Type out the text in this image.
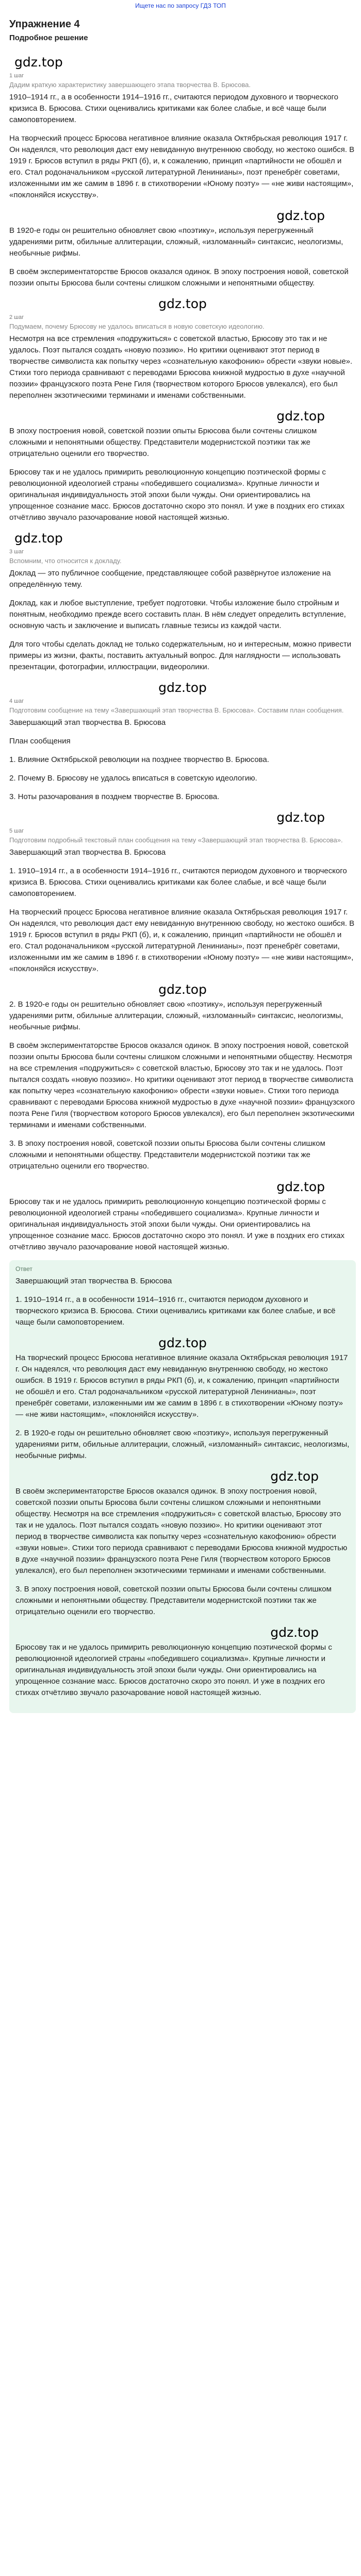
Ищете нас по запросу ГДЗ ТОП
Упражнение 4
Подробное решение
gdz.top
1 шаг
Дадим краткую характеристику завершающего этапа творчества В. Брюсова.

1910–1914 гг., а в особенности 1914–1916 гг., считаются периодом духовного и творческого кризиса В. Брюсова. Стихи оценивались критиками как более слабые, и всё чаще были самоповторением.

На творческий процесс Брюсова негативное влияние оказала Октябрьская революция 1917 г. Он надеялся, что революция даст ему невиданную внутреннюю свободу, но жестоко ошибся. В 1919 г. Брюсов вступил в ряды РКП (б), и, к сожалению, принцип «партийности не обошёл и его. Стал родоначальником «русской литературной Ленинианы», поэт пренебрёг советами, изложенными им же самим в 1896 г. в стихотворении «Юному поэту» — «не живи настоящим», «поклоняйся искусству».

gdz.top

В 1920-е годы он решительно обновляет свою «поэтику», используя перегруженный ударениями ритм, обильные аллитерации, сложный, «изломанный» синтаксис, неологизмы, необычные рифмы.

В своём экспериментаторстве Брюсов оказался одинок. В эпоху построения новой, советской поэзии опыты Брюсова были сочтены слишком сложными и непонятными обществу.

gdz.top
2 шаг
Подумаем, почему Брюсову не удалось вписаться в новую советскую идеологию.

Несмотря на все стремления «подружиться» с советской властью, Брюсову это так и не удалось. Поэт пытался создать «новую поэзию». Но критики оценивают этот период в творчестве символиста как попытку через «сознательную какофонию» обрести «звуки новые». Стихи того периода сравнивают с переводами Брюсова книжной мудростью в духе «научной поэзии» французского поэта Рене Гиля (творчеством которого Брюсов увлекался), его был переполнен экзотическими терминами и именами собственными.

gdz.top

В эпоху построения новой, советской поэзии опыты Брюсова были сочтены слишком сложными и непонятными обществу. Представители модернистской поэтики так же отрицательно оценили его творчество.

Брюсову так и не удалось примирить революционную концепцию поэтической формы с революционной идеологией страны «победившего социализма». Крупные личности и оригинальная индивидуальность этой эпохи были чужды. Они ориентировались на упрощенное сознание масс. Брюсов достаточно скоро это понял. И уже в поздних его стихах отчётливо звучало разочарование новой настоящей жизнью.

gdz.top
3 шаг
Вспомним, что относится к докладу.

Доклад — это публичное сообщение, представляющее собой развёрнутое изложение на определённую тему.

Доклад, как и любое выступление, требует подготовки. Чтобы изложение было стройным и понятным, необходимо прежде всего составить план. В нём следует определить вступление, основную часть и заключение и выписать главные тезисы из каждой части.

Для того чтобы сделать доклад не только содержательным, но и интересным, можно привести примеры из жизни, факты, поставить актуальный вопрос. Для наглядности — использовать презентации, фотографии, иллюстрации, видеоролики.

gdz.top
4 шаг
Подготовим сообщение на тему «Завершающий этап творчества В. Брюсова». Составим план сообщения.

Завершающий этап творчества В. Брюсова

План сообщения

1. Влияние Октябрьской революции на позднее творчество В. Брюсова.

2. Почему В. Брюсову не удалось вписаться в советскую идеологию.

3. Ноты разочарования в позднем творчестве В. Брюсова.

gdz.top
5 шаг
Подготовим подробный текстовый план сообщения на тему «Завершающий этап творчества В. Брюсова».

Завершающий этап творчества В. Брюсова

1. 1910–1914 гг., а в особенности 1914–1916 гг., считаются периодом духовного и творческого кризиса В. Брюсова. Стихи оценивались критиками как более слабые, и всё чаще были самоповторением.

На творческий процесс Брюсова негативное влияние оказала Октябрьская революция 1917 г. Он надеялся, что революция даст ему невиданную внутреннюю свободу, но жестоко ошибся. В 1919 г. Брюсов вступил в ряды РКП (б), и, к сожалению, принцип «партийности не обошёл и его. Стал родоначальником «русской литературной Ленинианы», поэт пренебрёг советами, изложенными им же самим в 1896 г. в стихотворении «Юному поэту» — «не живи настоящим», «поклоняйся искусству».

gdz.top

2. В 1920-е годы он решительно обновляет свою «поэтику», используя перегруженный ударениями ритм, обильные аллитерации, сложный, «изломанный» синтаксис, неологизмы, необычные рифмы.

В своём экспериментаторстве Брюсов оказался одинок. В эпоху построения новой, советской поэзии опыты Брюсова были сочтены слишком сложными и непонятными обществу. Несмотря на все стремления «подружиться» с советской властью, Брюсову это так и не удалось. Поэт пытался создать «новую поэзию». Но критики оценивают этот период в творчестве символиста как попытку через «сознательную какофонию» обрести «звуки новые». Стихи того периода сравнивают с переводами Брюсова книжной мудростью в духе «научной поэзии» французского поэта Рене Гиля (творчеством которого Брюсов увлекался), его был переполнен экзотическими терминами и именами собственными.

3. В эпоху построения новой, советской поэзии опыты Брюсова были сочтены слишком сложными и непонятными обществу. Представители модернистской поэтики так же отрицательно оценили его творчество.

gdz.top

Брюсову так и не удалось примирить революционную концепцию поэтической формы с революционной идеологией страны «победившего социализма». Крупные личности и оригинальная индивидуальность этой эпохи были чужды. Они ориентировались на упрощенное сознание масс. Брюсов достаточно скоро это понял. И уже в поздних его стихах отчётливо звучало разочарование новой настоящей жизнью.

Ответ

Завершающий этап творчества В. Брюсова

1. 1910–1914 гг., а в особенности 1914–1916 гг., считаются периодом духовного и творческого кризиса В. Брюсова. Стихи оценивались критиками как более слабые, и всё чаще были самоповторением.

gdz.top

На творческий процесс Брюсова негативное влияние оказала Октябрьская революция 1917 г. Он надеялся, что революция даст ему невиданную внутреннюю свободу, но жестоко ошибся. В 1919 г. Брюсов вступил в ряды РКП (б), и, к сожалению, принцип «партийности не обошёл и его. Стал родоначальником «русской литературной Ленинианы», поэт пренебрёг советами, изложенными им же самим в 1896 г. в стихотворении «Юному поэту» — «не живи настоящим», «поклоняйся искусству».

2. В 1920-е годы он решительно обновляет свою «поэтику», используя перегруженный ударениями ритм, обильные аллитерации, сложный, «изломанный» синтаксис, неологизмы, необычные рифмы.

gdz.top

В своём экспериментаторстве Брюсов оказался одинок. В эпоху построения новой, советской поэзии опыты Брюсова были сочтены слишком сложными и непонятными обществу. Несмотря на все стремления «подружиться» с советской властью, Брюсову это так и не удалось. Поэт пытался создать «новую поэзию». Но критики оценивают этот период в творчестве символиста как попытку через «сознательную какофонию» обрести «звуки новые». Стихи того периода сравнивают с переводами Брюсова книжной мудростью в духе «научной поэзии» французского поэта Рене Гиля (творчеством которого Брюсов увлекался), его был переполнен экзотическими терминами и именами собственными.

3. В эпоху построения новой, советской поэзии опыты Брюсова были сочтены слишком сложными и непонятными обществу. Представители модернистской поэтики так же отрицательно оценили его творчество.

gdz.top

Брюсову так и не удалось примирить революционную концепцию поэтической формы с революционной идеологией страны «победившего социализма». Крупные личности и оригинальная индивидуальность этой эпохи были чужды. Они ориентировались на упрощенное сознание масс. Брюсов достаточно скоро это понял. И уже в поздних его стихах отчётливо звучало разочарование новой настоящей жизнью.
